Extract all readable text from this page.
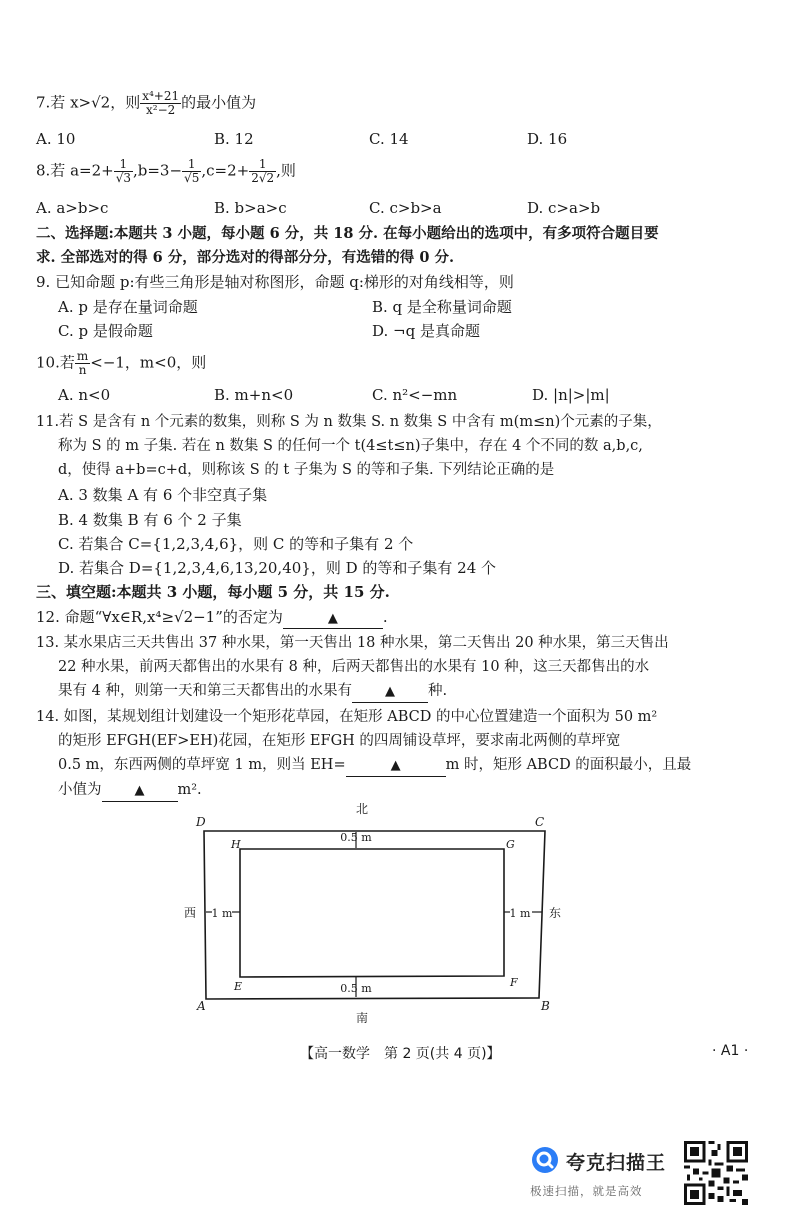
7.若 x>√2，则 $\frac{\text{x⁴+21}}{\text{x²−2}}$ 的最小值为
A. 10	B. 12	C. 14	D. 16
8.若 $a=2+ \frac{1}{√3} ,b=3- \frac{1}{√5} ,c=2+ \frac{1}{2√2}$ ,则
A. a>b>c	B. b>a>c	C. c>b>a	D. c>a>b
二、选择题:本题共 3 小题，每小题 6 分，共 18 分. 在每小题给出的选项中，有多项符合题目要
求. 全部选对的得 6 分，部分选对的得部分分，有选错的得 0 分.
9. 已知命题 p:有些三角形是轴对称图形，命题 q:梯形的对角线相等，则
A. p 是存在量词命题	B. q 是全称量词命题
C. p 是假命题	D. ¬q 是真命题
10.若 $\frac{m}{n} <-1$，m<0，则
A. n<0	B. m+n<0	C. n²<−mn	D. |n|>|m|
11.若 S 是含有 n 个元素的数集，则称 S 为 n 数集 S. n 数集 S 中含有 m(m≤n)个元素的子集，
称为 S 的 m 子集. 若在 n 数集 S 的任何一个 t(4≤t≤n)子集中，存在 4 个不同的数 a,b,c,
d，使得 a+b=c+d，则称该 S 的 t 子集为 S 的等和子集. 下列结论正确的是
A. 3 数集 A 有 6 个非空真子集
B. 4 数集 B 有 6 个 2 子集
C. 若集合 C={1,2,3,4,6}，则 C 的等和子集有 2 个
D. 若集合 D={1,2,3,4,6,13,20,40}，则 D 的等和子集有 24 个
三、填空题:本题共 3 小题，每小题 5 分，共 15 分.
12. 命题“∀x∈R,x⁴≥√2−1”的否定为	▲	.
13. 某水果店三天共售出 37 种水果，第一天售出 18 种水果，第二天售出 20 种水果，第三天售出
22 种水果，前两天都售出的水果有 8 种，后两天都售出的水果有 10 种，这三天都售出的水
果有 4 种，则第一天和第三天都售出的水果有	▲ 种.
14. 如图，某规划组计划建设一个矩形花草园，在矩形 ABCD 的中心位置建造一个面积为 50 m²
的矩形 EFGH(EF>EH)花园，在矩形 EFGH 的四周铺设草坪，要求南北两侧的草坪宽
0.5 m，东西两侧的草坪宽 1 m，则当 EH=	▲	m 时，矩形 ABCD 的面积最小，且最
小值为	▲ m².
北
南
西	东
A	B
C
D
E	F
G
H
0.5 m
0.5 m
1 m	1 m
【高一数学　第 2 页(共 4 页)】	· A1 ·
夸克扫描王
极速扫描，就是高效
